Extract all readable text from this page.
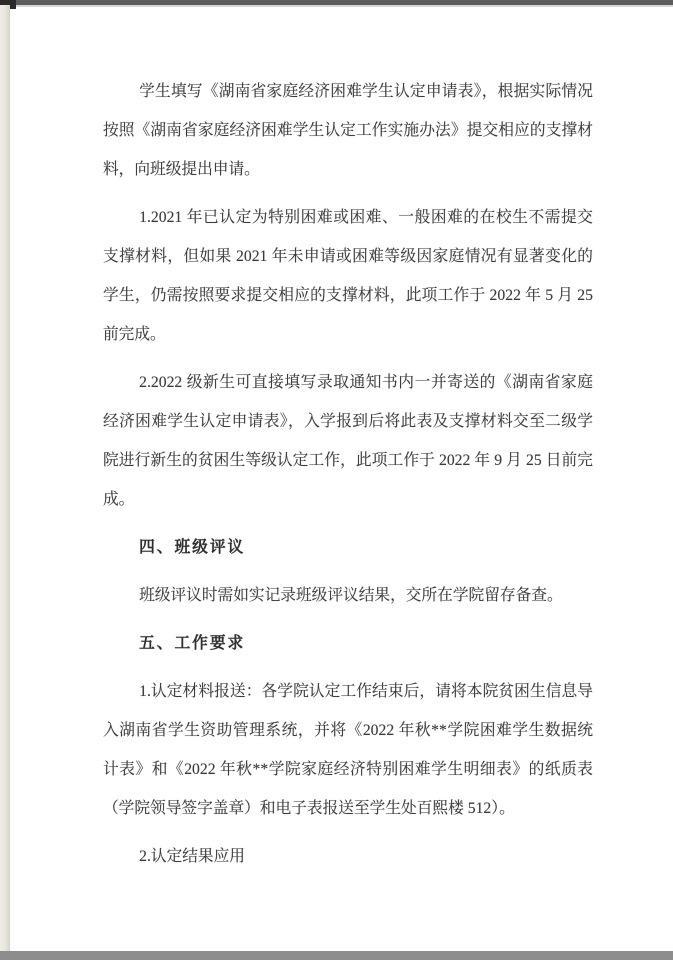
学生填写《湖南省家庭经济困难学生认定申请表》，根据实际情况按照《湖南省家庭经济困难学生认定工作实施办法》提交相应的支撑材料，向班级提出申请。

1.2021 年已认定为特别困难或困难、一般困难的在校生不需提交支撑材料，但如果 2021 年未申请或困难等级因家庭情况有显著变化的学生，仍需按照要求提交相应的支撑材料，此项工作于 2022 年 5 月 25 前完成。

2.2022 级新生可直接填写录取通知书内一并寄送的《湖南省家庭经济困难学生认定申请表》，入学报到后将此表及支撑材料交至二级学院进行新生的贫困生等级认定工作，此项工作于 2022 年 9 月 25 日前完成。

四、班级评议

班级评议时需如实记录班级评议结果，交所在学院留存备查。

五、工作要求

1.认定材料报送：各学院认定工作结束后，请将本院贫困生信息导入湖南省学生资助管理系统，并将《2022 年秋**学院困难学生数据统计表》和《2022 年秋**学院家庭经济特别困难学生明细表》的纸质表（学院领导签字盖章）和电子表报送至学生处百熙楼 512）。

2.认定结果应用
